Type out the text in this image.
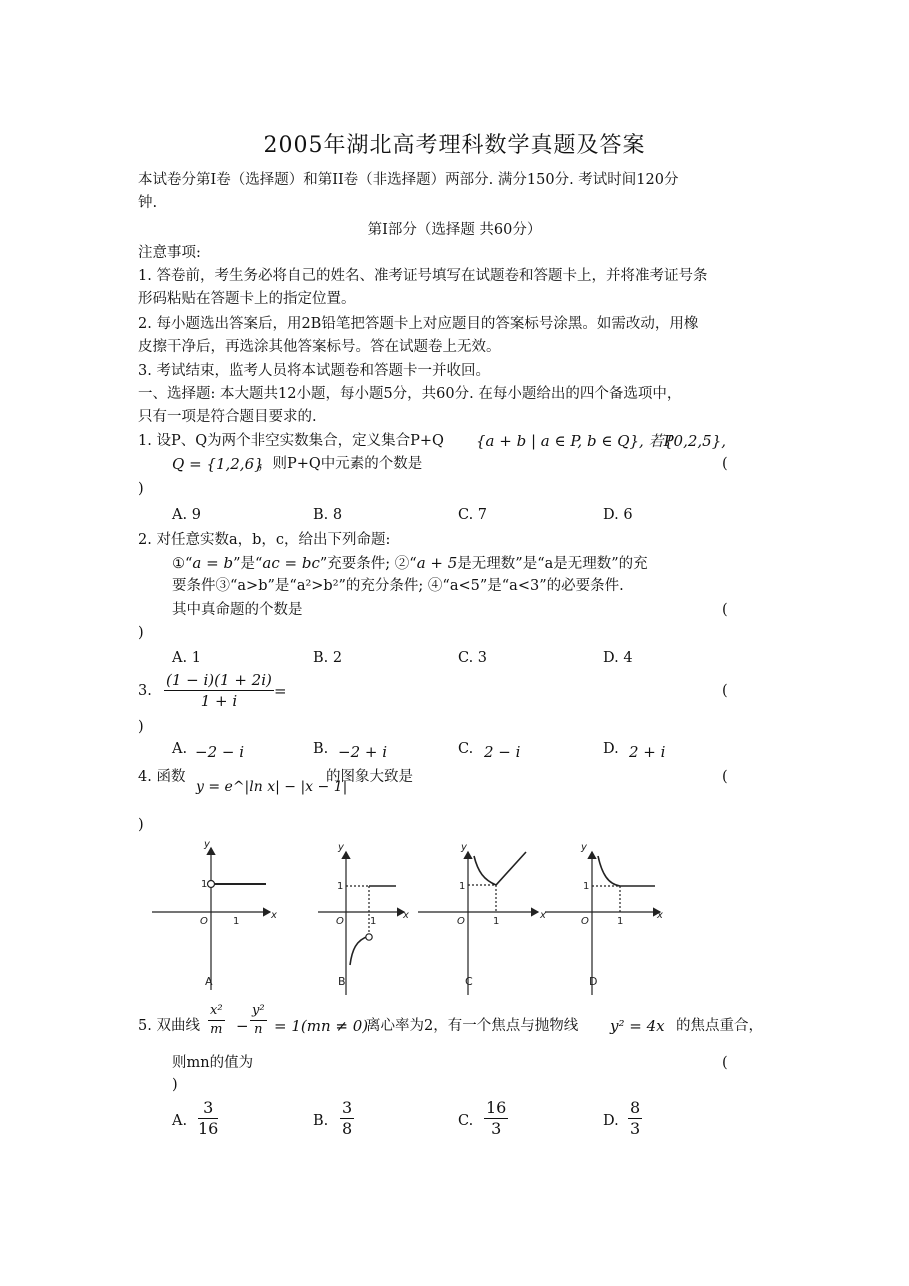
2005年湖北高考理科数学真题及答案
本试卷分第I卷（选择题）和第II卷（非选择题）两部分. 满分150分. 考试时间120分
钟.
第I部分（选择题 共60分）
注意事项:
1. 答卷前，考生务必将自己的姓名、准考证号填写在试题卷和答题卡上，并将准考证号条
形码粘贴在答题卡上的指定位置。
2. 每小题选出答案后，用2B铅笔把答题卡上对应题目的答案标号涂黑。如需改动，用橡
皮擦干净后，再选涂其他答案标号。答在试题卷上无效。
3. 考试结束，监考人员将本试题卷和答题卡一并收回。
一、选择题: 本大题共12小题，每小题5分，共60分. 在每小题给出的四个备选项中，
只有一项是符合题目要求的.
1. 设P、Q为两个非空实数集合，定义集合P+Q {a + b | a ∈ P, b ∈ Q}, 若P
{0,2,5},
Q = {1,2,6}
，则P+Q中元素的个数是	(
)
A. 9	B. 8	C. 7	D. 6
2. 对任意实数a，b，c，给出下列命题:
①“a = b”是“ac = bc”充要条件; ②“a + 5是无理数”是“a是无理数”的充
要条件③“a>b”是“a²>b²”的充分条件; ④“a<5”是“a<3”的必要条件.
其中真命题的个数是	(
)
A. 1	B. 2	C. 3	D. 4
3. $\frac{(1 - i)(1 + 2i)}{1 + i}$ =	(
)
A. −2 − i	B. −2 + i	C. 2 − i	D. 2 + i
4. 函数
y = e^|ln x| − |x − 1|
的图象大致是	(
)
y
x
O
1
1
A
y
x
O
1
1
B
y
x
O
1
1
C
y
x
O
1
1
D
5. 双曲线 $\frac{\text{x²}}{m} - \frac{\text{y²}}{n} = 1(mn \ne 0)$
离心率为2，有一个焦点与抛物线 y² = 4x 的焦点重合，
则mn的值为	(
)
A. $\frac{3}{16}$	B. $\frac{3}{8}$	C. $\frac{16}{3}$	D. $\frac{8}{3}$
